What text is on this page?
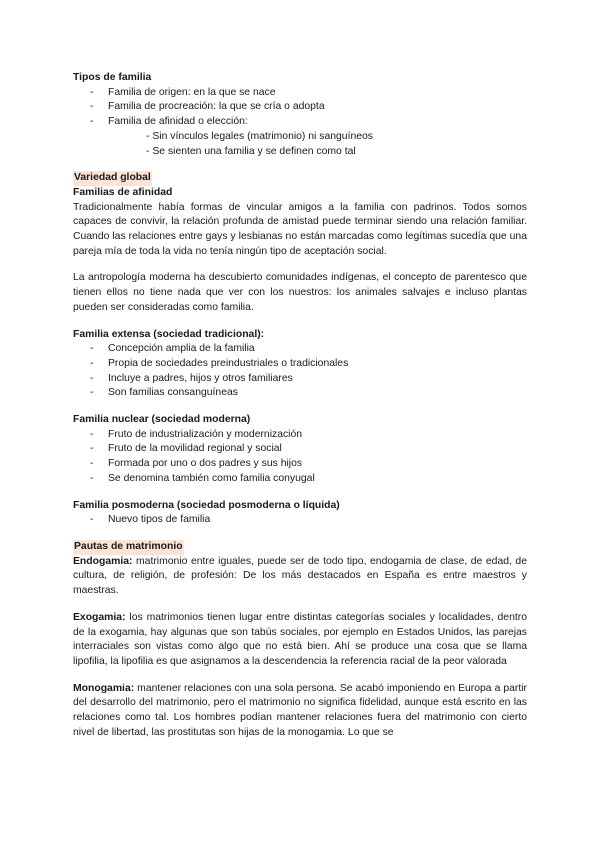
Tipos de familia
- Familia de origen: en la que se nace
- Familia de procreación: la que se cría o adopta
- Familia de afinidad o elección:
- Sin vínculos legales (matrimonio) ni sanguíneos
- Se sienten una familia y se definen como tal
Variedad global
Familias de afinidad
Tradicionalmente había formas de vincular amigos a la familia con padrinos. Todos somos capaces de convivir, la relación profunda de amistad puede terminar siendo una relación familiar. Cuando las relaciones entre gays y lesbianas no están marcadas como legítimas sucedía que una pareja mía de toda la vida no tenía ningún tipo de aceptación social.
La antropología moderna ha descubierto comunidades indígenas, el concepto de parentesco que tienen ellos no tiene nada que ver con los nuestros: los animales salvajes e incluso plantas pueden ser consideradas como familia.
Familia extensa (sociedad tradicional):
- Concepción amplia de la familia
- Propia de sociedades preindustriales o tradicionales
- Incluye a padres, hijos y otros familiares
- Son familias consanguíneas
Familia nuclear (sociedad moderna)
- Fruto de industrialización y modernización
- Fruto de la movilidad regional y social
- Formada por uno o dos padres y sus hijos
- Se denomina también como familia conyugal
Familia posmoderna (sociedad posmoderna o líquida)
- Nuevo tipos de familia
Pautas de matrimonio
Endogamia: matrimonio entre iguales, puede ser de todo tipo, endogamia de clase, de edad, de cultura, de religión, de profesión: De los más destacados en España es entre maestros y maestras.
Exogamia: los matrimonios tienen lugar entre distintas categorías sociales y localidades, dentro de la exogamia, hay algunas que son tabús sociales, por ejemplo en Estados Unidos, las parejas interraciales son vistas como algo que no está bien. Ahí se produce una cosa que se llama lipofilia, la lipofilia es que asignamos a la descendencia la referencia racial de la peor valorada
Monogamia: mantener relaciones con una sola persona. Se acabó imponiendo en Europa a partir del desarrollo del matrimonio, pero el matrimonio no significa fidelidad, aunque está escrito en las relaciones como tal. Los hombres podían mantener relaciones fuera del matrimonio con cierto nivel de libertad, las prostitutas son hijas de la monogamia. Lo que se
